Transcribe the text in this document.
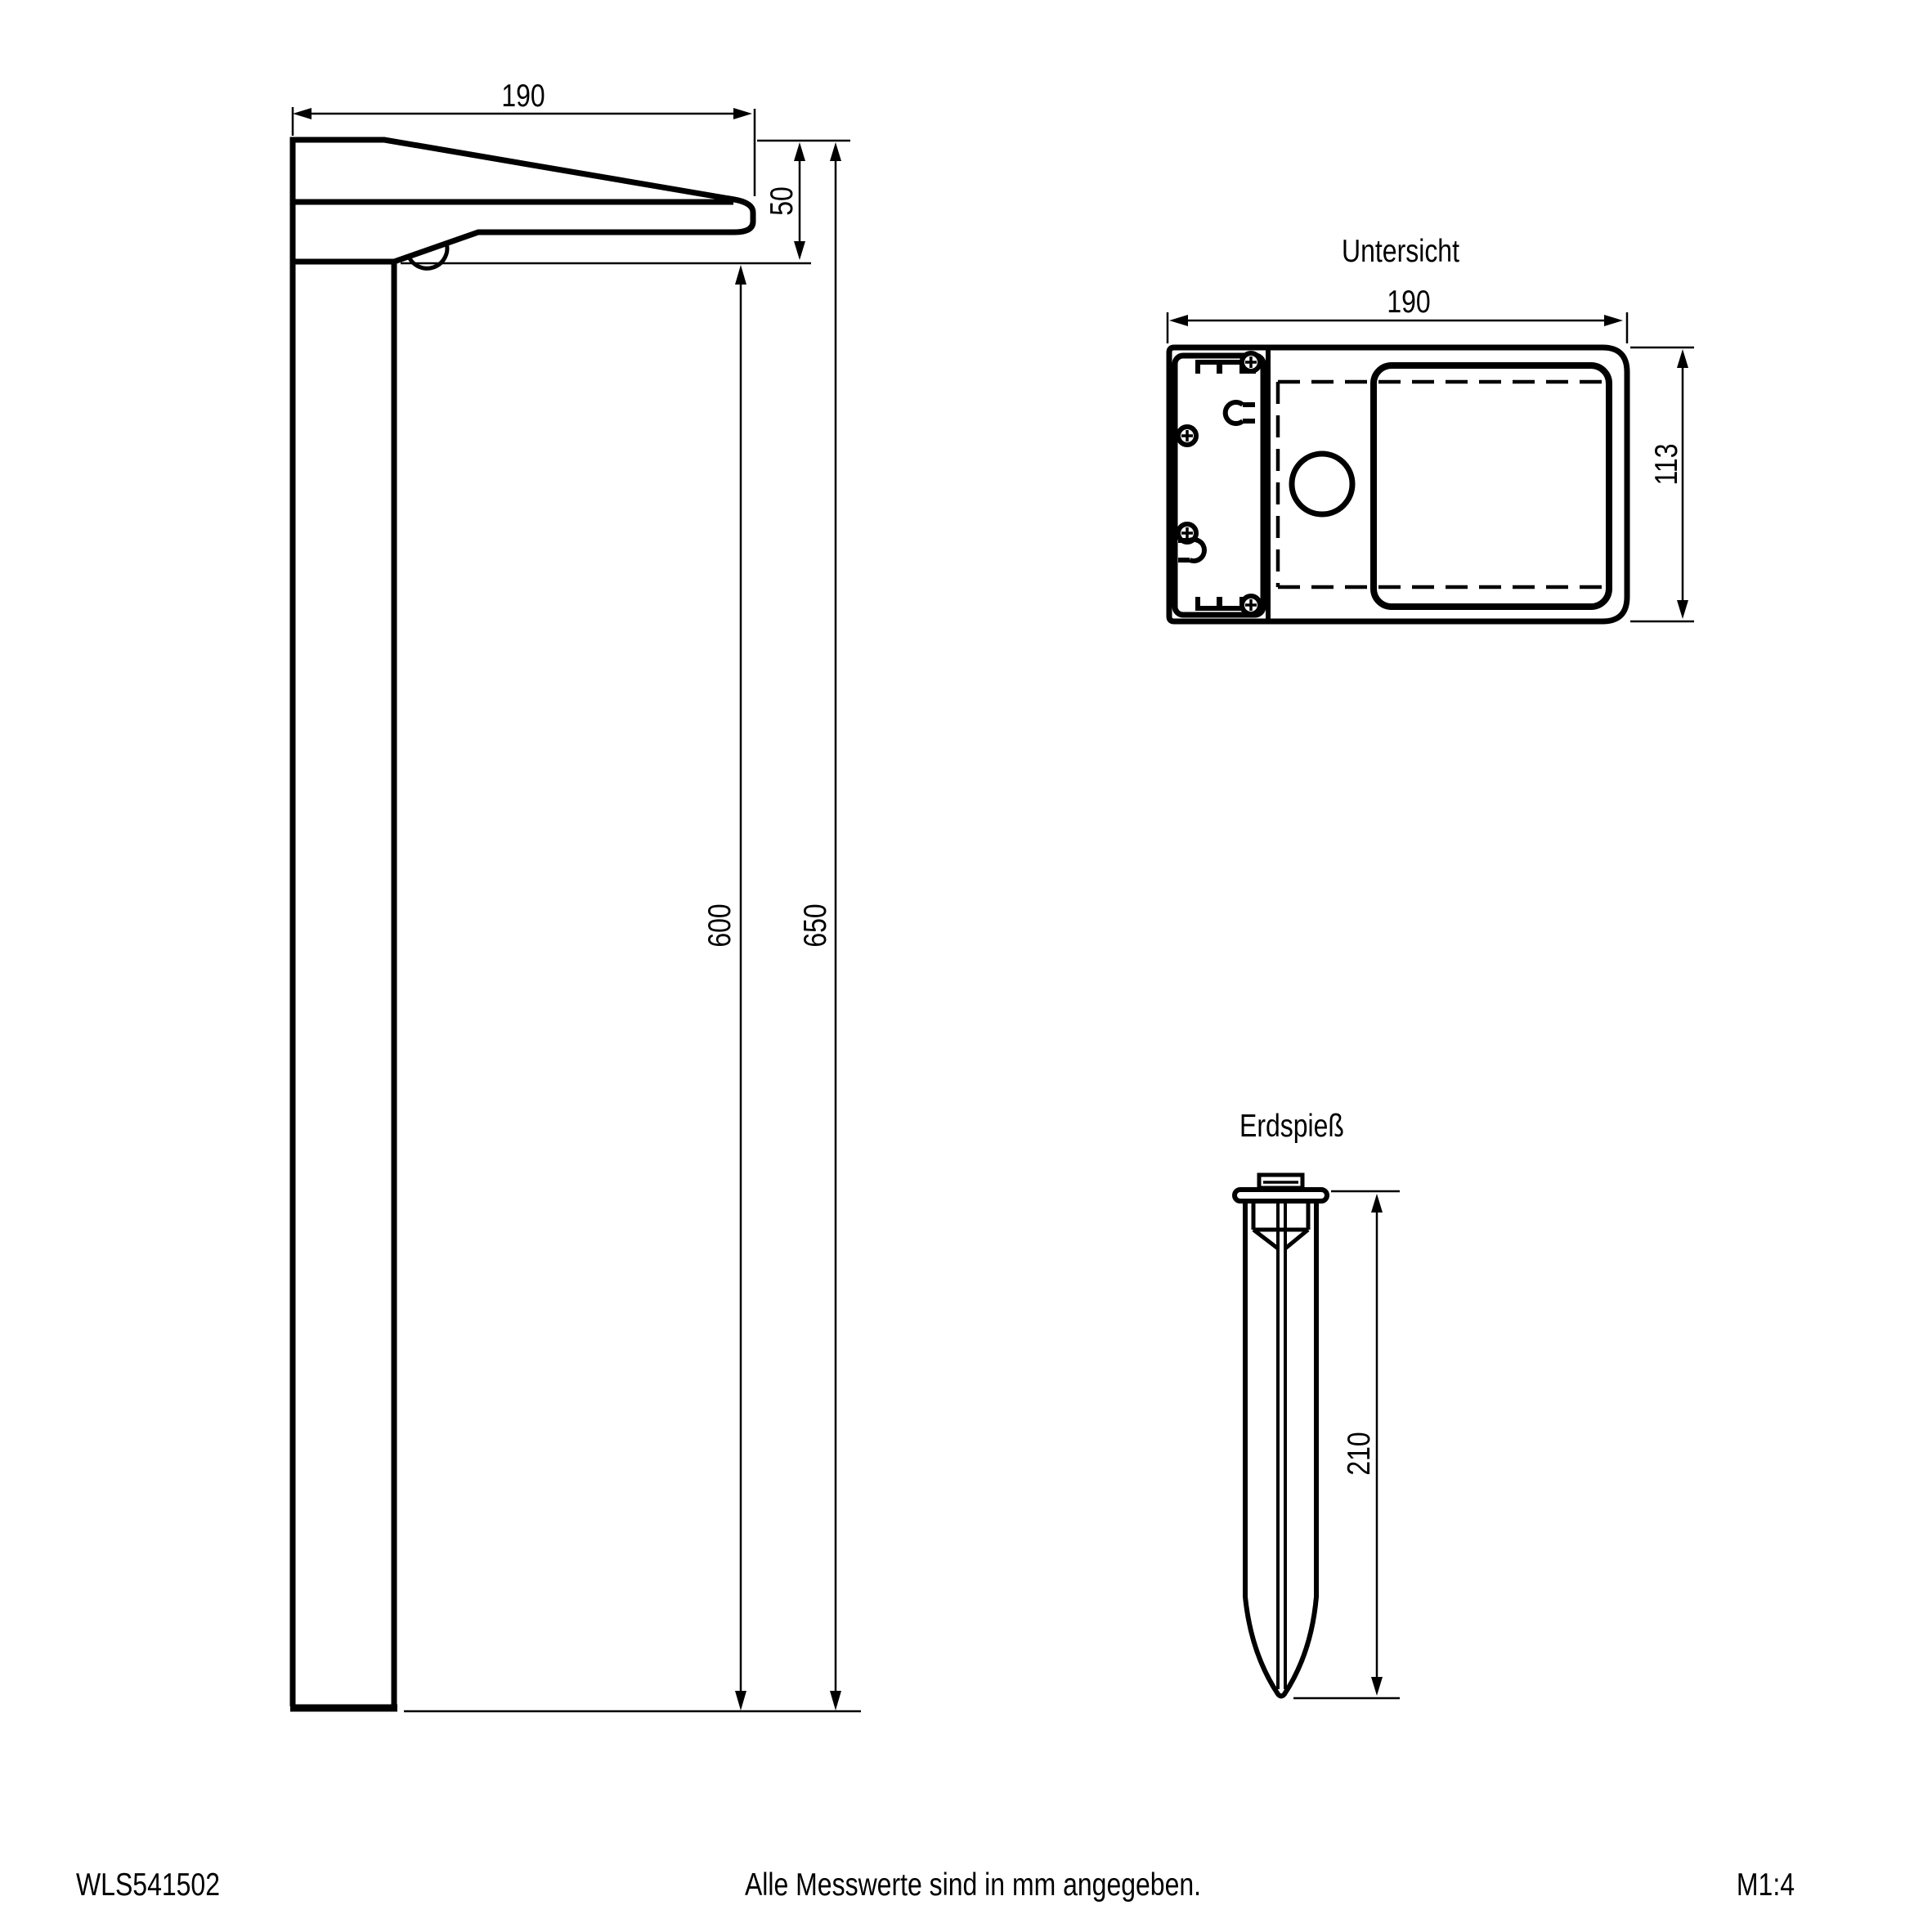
190
50
600 650
Untersicht
190
113
Erdspieß
210
WLS541502	Alle Messwerte sind in mm angegeben.	M1:4
